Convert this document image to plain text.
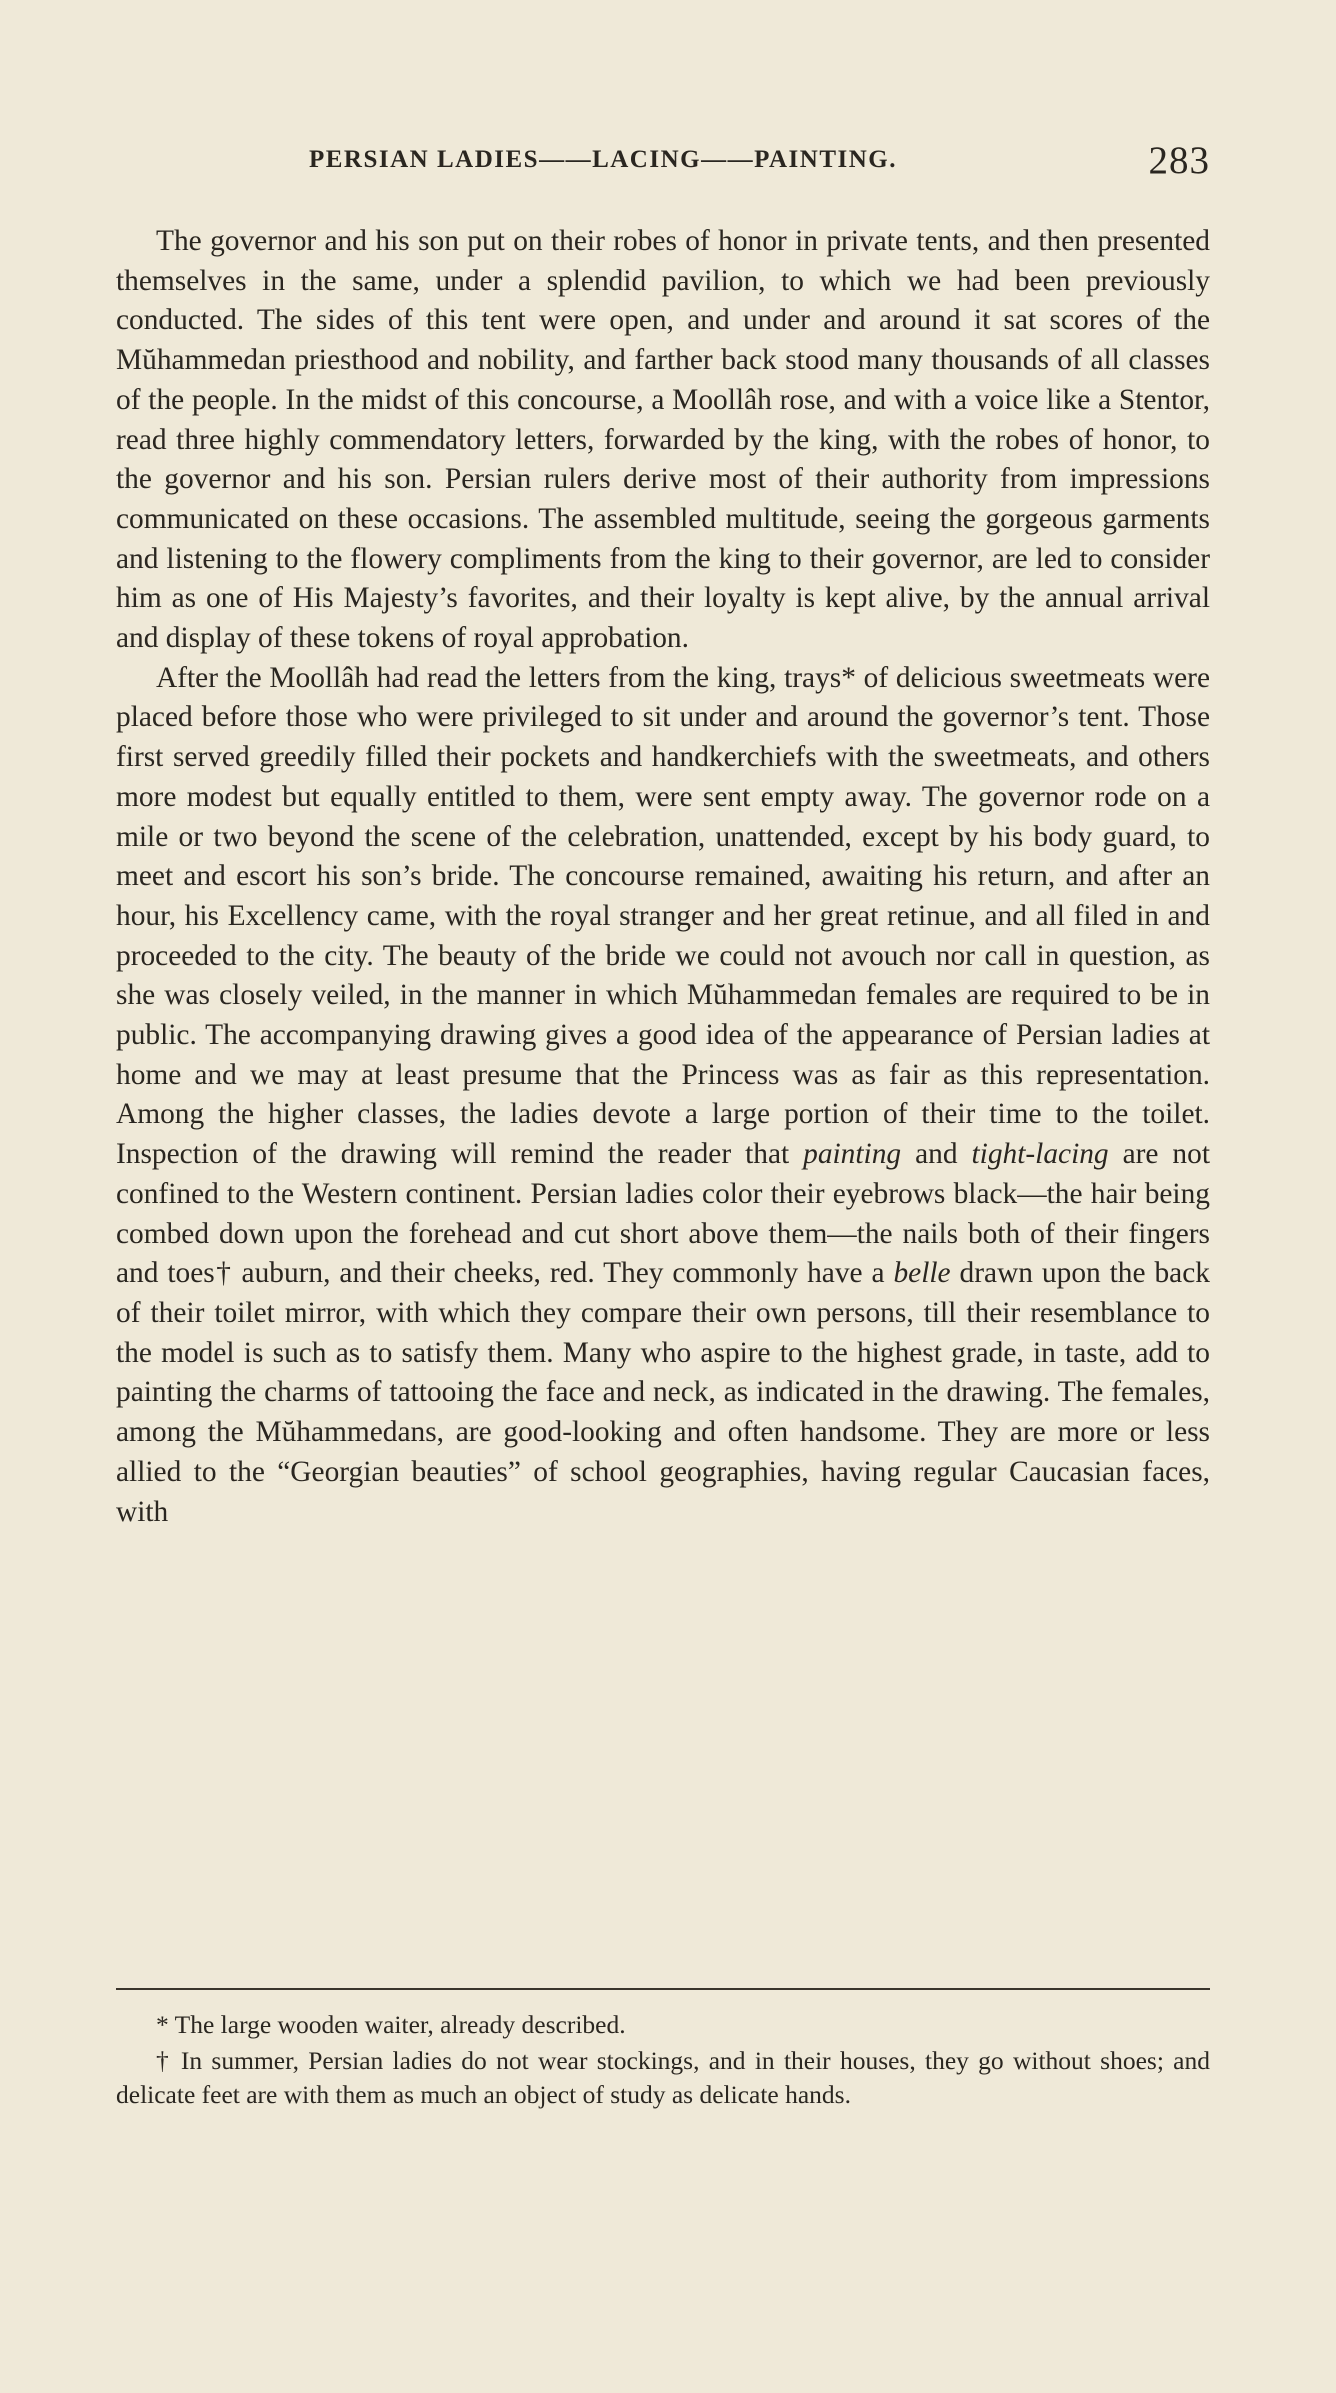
PERSIAN LADIES——LACING——PAINTING.	283

The governor and his son put on their robes of honor in private tents, and then presented themselves in the same, under a splendid pavilion, to which we had been previously conducted. The sides of this tent were open, and under and around it sat scores of the Mŭhammedan priesthood and nobility, and farther back stood many thousands of all classes of the people. In the midst of this concourse, a Moollâh rose, and with a voice like a Stentor, read three highly commendatory letters, forwarded by the king, with the robes of honor, to the governor and his son. Persian rulers derive most of their authority from impressions communicated on these occasions. The assembled multitude, seeing the gorgeous garments and listening to the flowery compliments from the king to their governor, are led to consider him as one of His Majesty’s favorites, and their loyalty is kept alive, by the annual arrival and display of these tokens of royal approbation.

After the Moollâh had read the letters from the king, trays* of delicious sweetmeats were placed before those who were privileged to sit under and around the governor’s tent. Those first served greedily filled their pockets and handkerchiefs with the sweetmeats, and others more modest but equally entitled to them, were sent empty away. The governor rode on a mile or two beyond the scene of the celebration, unattended, except by his body guard, to meet and escort his son’s bride. The concourse remained, awaiting his return, and after an hour, his Excellency came, with the royal stranger and her great retinue, and all filed in and proceeded to the city. The beauty of the bride we could not avouch nor call in question, as she was closely veiled, in the manner in which Mŭhammedan females are required to be in public. The accompanying drawing gives a good idea of the appearance of Persian ladies at home and we may at least presume that the Princess was as fair as this representation. Among the higher classes, the ladies devote a large portion of their time to the toilet. Inspection of the drawing will remind the reader that painting and tight-lacing are not confined to the Western continent. Persian ladies color their eyebrows black—the hair being combed down upon the forehead and cut short above them—the nails both of their fingers and toes† auburn, and their cheeks, red. They commonly have a belle drawn upon the back of their toilet mirror, with which they compare their own persons, till their resemblance to the model is such as to satisfy them. Many who aspire to the highest grade, in taste, add to painting the charms of tattooing the face and neck, as indicated in the drawing. The females, among the Mŭhammedans, are good-looking and often handsome. They are more or less allied to the “Georgian beauties” of school geographies, having regular Caucasian faces, with

* The large wooden waiter, already described.

† In summer, Persian ladies do not wear stockings, and in their houses, they go without shoes; and delicate feet are with them as much an object of study as delicate hands.
